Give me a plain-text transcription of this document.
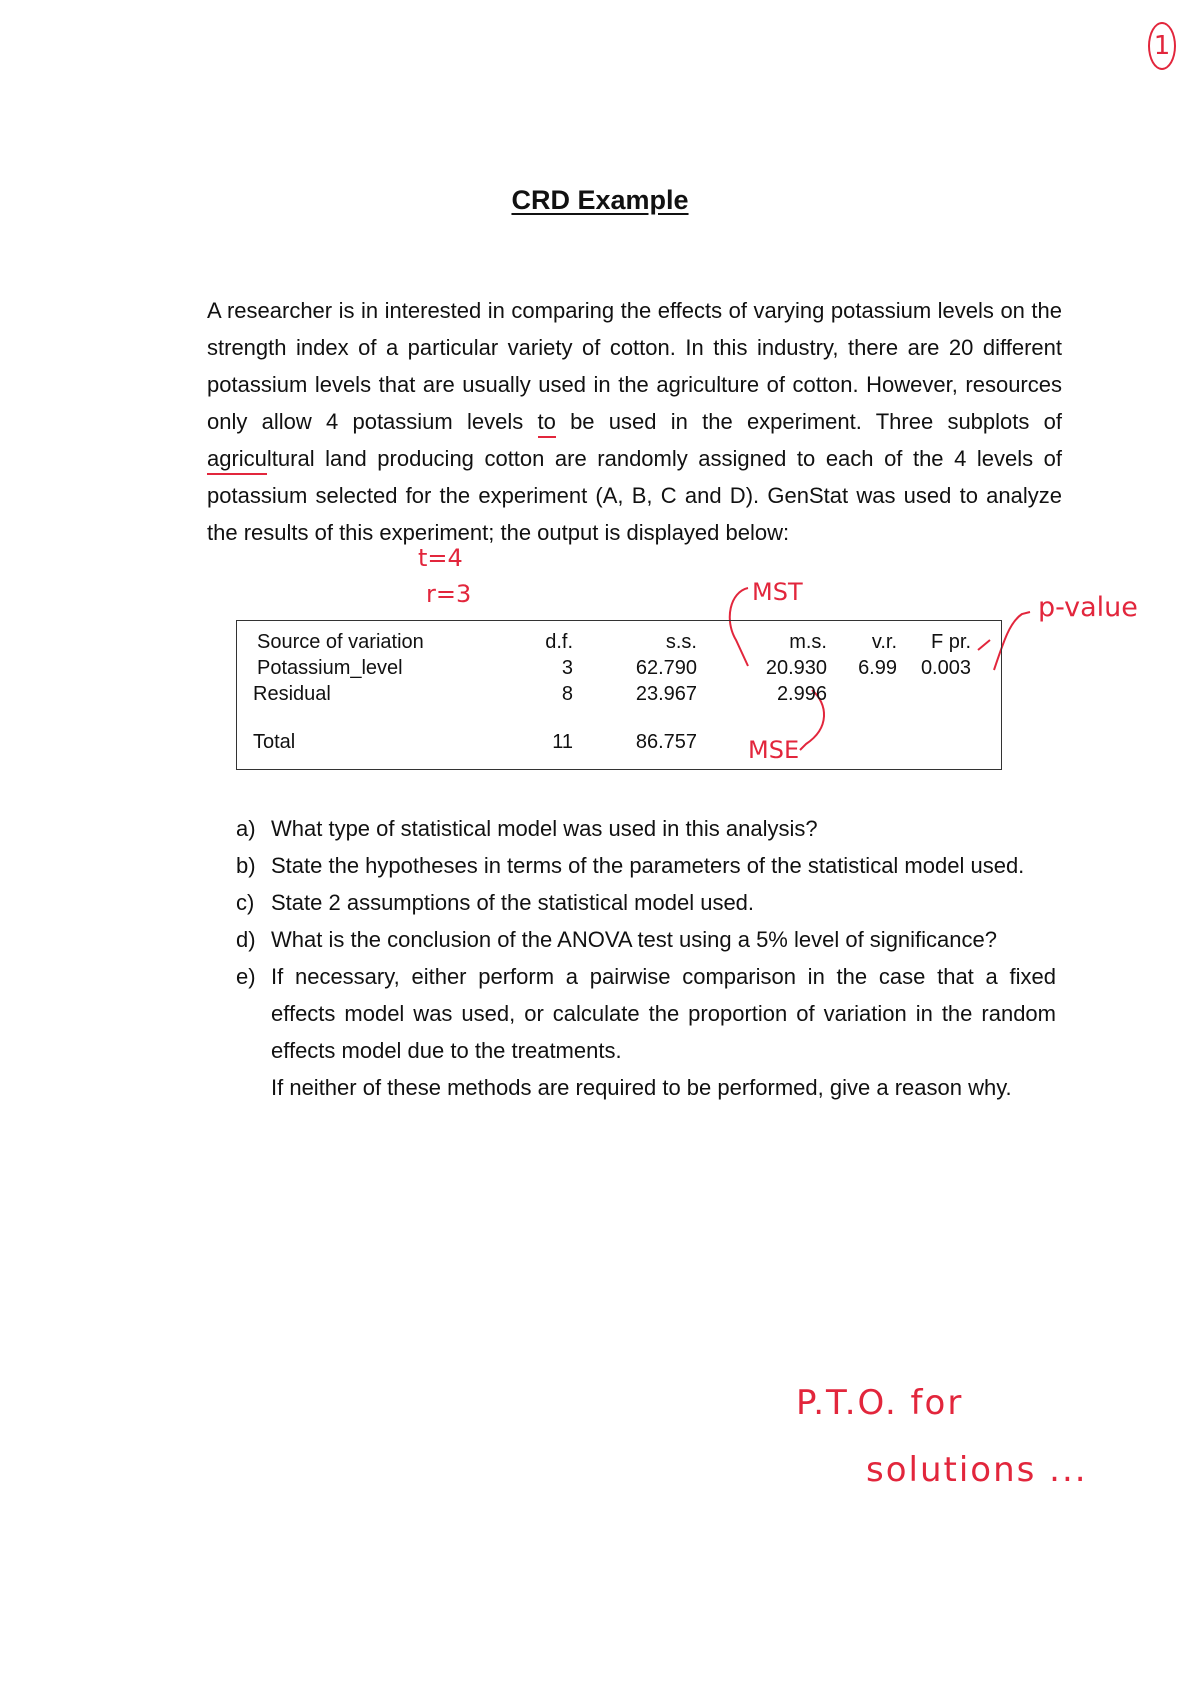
1
CRD Example

A researcher is in interested in comparing the effects of varying potassium levels on the strength index of a particular variety of cotton. In this industry, there are 20 different potassium levels that are usually used in the agriculture of cotton. However, resources only allow 4 potassium levels to be used in the experiment. Three subplots of agricultural land producing cotton are randomly assigned to each of the 4 levels of potassium selected for the experiment (A, B, C and D). GenStat was used to analyze the results of this experiment; the output is displayed below:

t=4
r=3	MST
MSE
p-value
Source of variation	d.f.	s.s.	m.s.	v.r.	F pr.
Potassium_level	3	62.790	20.930	6.99	0.003
Residual	8	23.967	2.996
Total	11	86.757
a) What type of statistical model was used in this analysis?
b) State the hypotheses in terms of the parameters of the statistical model used.
c) State 2 assumptions of the statistical model used.
d) What is the conclusion of the ANOVA test using a 5% level of significance?
e) If necessary, either perform a pairwise comparison in the case that a fixed effects model was used, or calculate the proportion of variation in the random effects model due to the treatments.
If neither of these methods are required to be performed, give a reason why.
P.T.O. for
solutions ...
